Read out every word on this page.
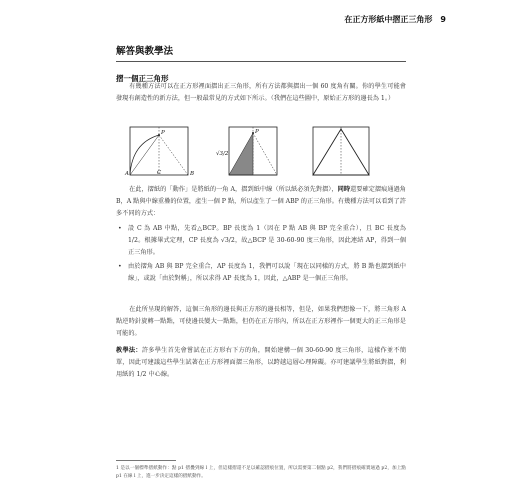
在正方形紙中摺正三角形 9
解答與教學法
摺一個正三角形
有幾種方法可以在正方形裡面摺出正三角形，所有方法都與摺出一個 60 度角有關。你的學生可能會發現有創造性的新方法，但一般最常見的方式如下所示。（我們在這些圖中，原始正方形的邊長為 1。）
P
A	C	B
P
√3/2
在此，摺紙的「動作」是將紙的一角 A，摺到紙中線（所以紙必須先對摺），同時還要確定摺痕通過角 B，A 點與中線重疊的位置，產生一個 P 點，所以產生了一個 ABP 的正三角形。有幾種方法可以看到了許多不同的方式：
• 設 C 為 AB 中點，先看△BCP。BP 長度為 1（因在 P 點 AB 與 BP 完全重合），且 BC 長度為 1/2。根據畢式定理，CP 長度為 √3/2，故△BCP 是 30-60-90 度三角形，因此連結 AP，得到一個正三角形。
• 由於摺角 AB 與 BP 完全重合，AP 長度為 1，我們可以說「現在以同樣的方式，將 B 點也摺到紙中線」，或說「由於對稱」，所以求得 AP 長度為 1，因此，△ABP 是一個正三角形。
在此所呈現的解答，這個三角形的邊長與正方形的邊長相等，但是，如果我們想像一下，將三角形 A 點逆時針旋轉一點點，可使邊長變大一點點，但仍在正方形內，所以在正方形裡作一個更大的正三角形是可能的。
教學法：許多學生首先會嘗試在正方形右下方的角，開始建構一個 30-60-90 度三角形，這樣作並不簡單，因此可建議這些學生試著在正方形裡面摺三角形，以跨越這層心理障礙。亦可建議學生將紙對摺，利用紙的 1/2 中心線。
1 是以一個標準摺紙動作：點 p1 摺疊到線 l 上，但這樣摺還不足以確認摺痕位置，所以需要第二個點 p2，我們將摺痕確實通過 p2，加上點 p1 在線 l 上，進一步決定這樣的摺紙動作。
